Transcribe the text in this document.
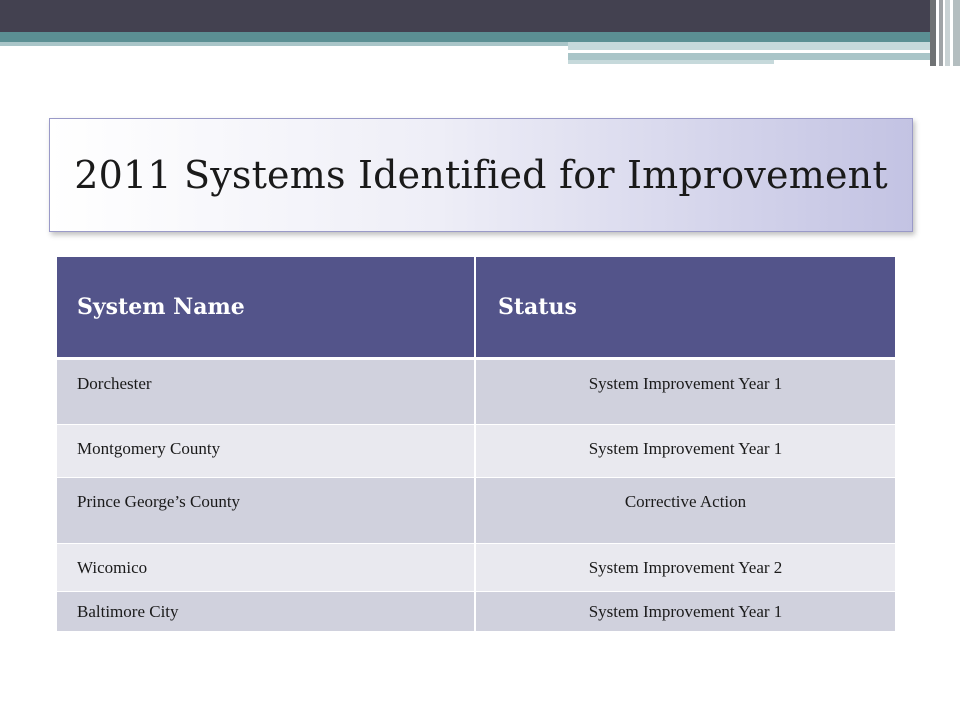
2011 Systems Identified for Improvement
System Name	Status
Dorchester	System Improvement Year 1
Montgomery County	System Improvement Year 1
Prince George’s County	Corrective Action
Wicomico	System Improvement Year 2
Baltimore City	System Improvement Year 1
